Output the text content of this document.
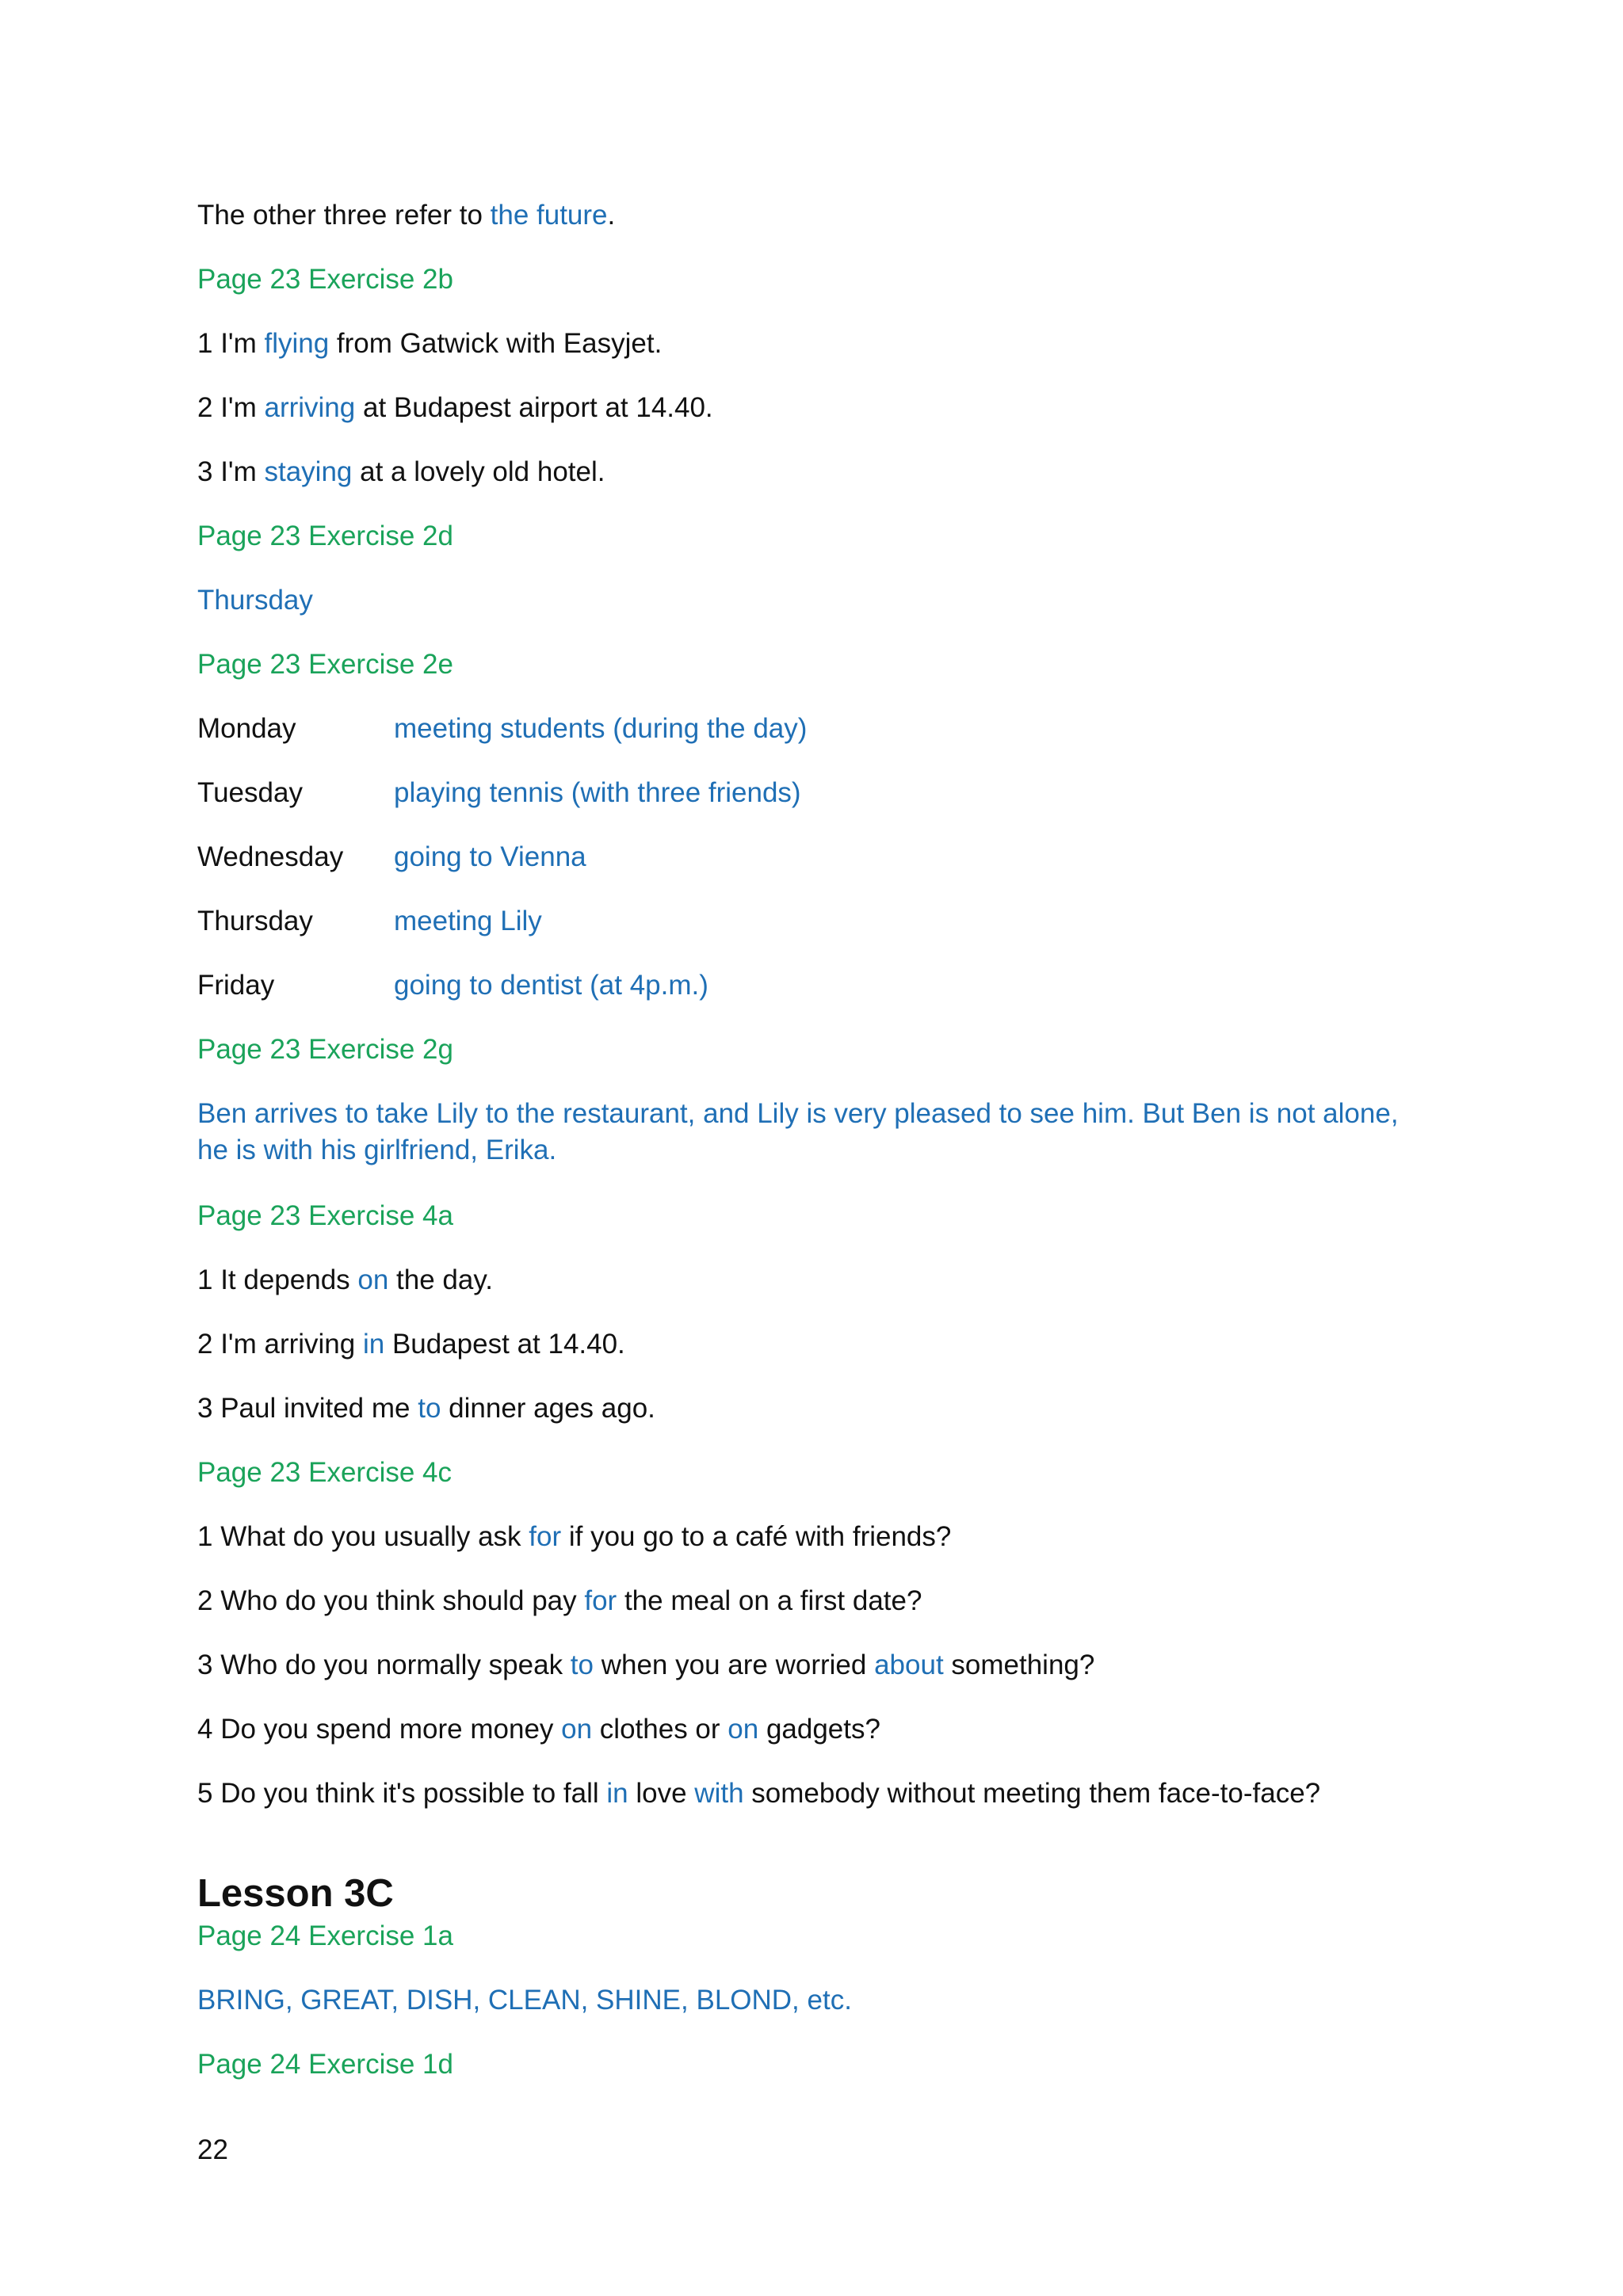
The other three refer to the future.
Page 23 Exercise 2b
1 I'm flying from Gatwick with Easyjet.
2 I'm arriving at Budapest airport at 14.40.
3 I'm staying at a lovely old hotel.
Page 23 Exercise 2d
Thursday
Page 23 Exercise 2e
Monday	meeting students (during the day)
Tuesday	playing tennis (with three friends)
Wednesday going to Vienna
Thursday	meeting Lily
Friday	going to dentist (at 4p.m.)
Page 23 Exercise 2g
Ben arrives to take Lily to the restaurant, and Lily is very pleased to see him. But Ben is not alone, he is with his girlfriend, Erika.
Page 23 Exercise 4a
1 It depends on the day.
2 I'm arriving in Budapest at 14.40.
3 Paul invited me to dinner ages ago.
Page 23 Exercise 4c
1 What do you usually ask for if you go to a café with friends?
2 Who do you think should pay for the meal on a first date?
3 Who do you normally speak to when you are worried about something?
4 Do you spend more money on clothes or on gadgets?
5 Do you think it's possible to fall in love with somebody without meeting them face-to-face?
Lesson 3C
Page 24 Exercise 1a
BRING, GREAT, DISH, CLEAN, SHINE, BLOND, etc.
Page 24 Exercise 1d
22
